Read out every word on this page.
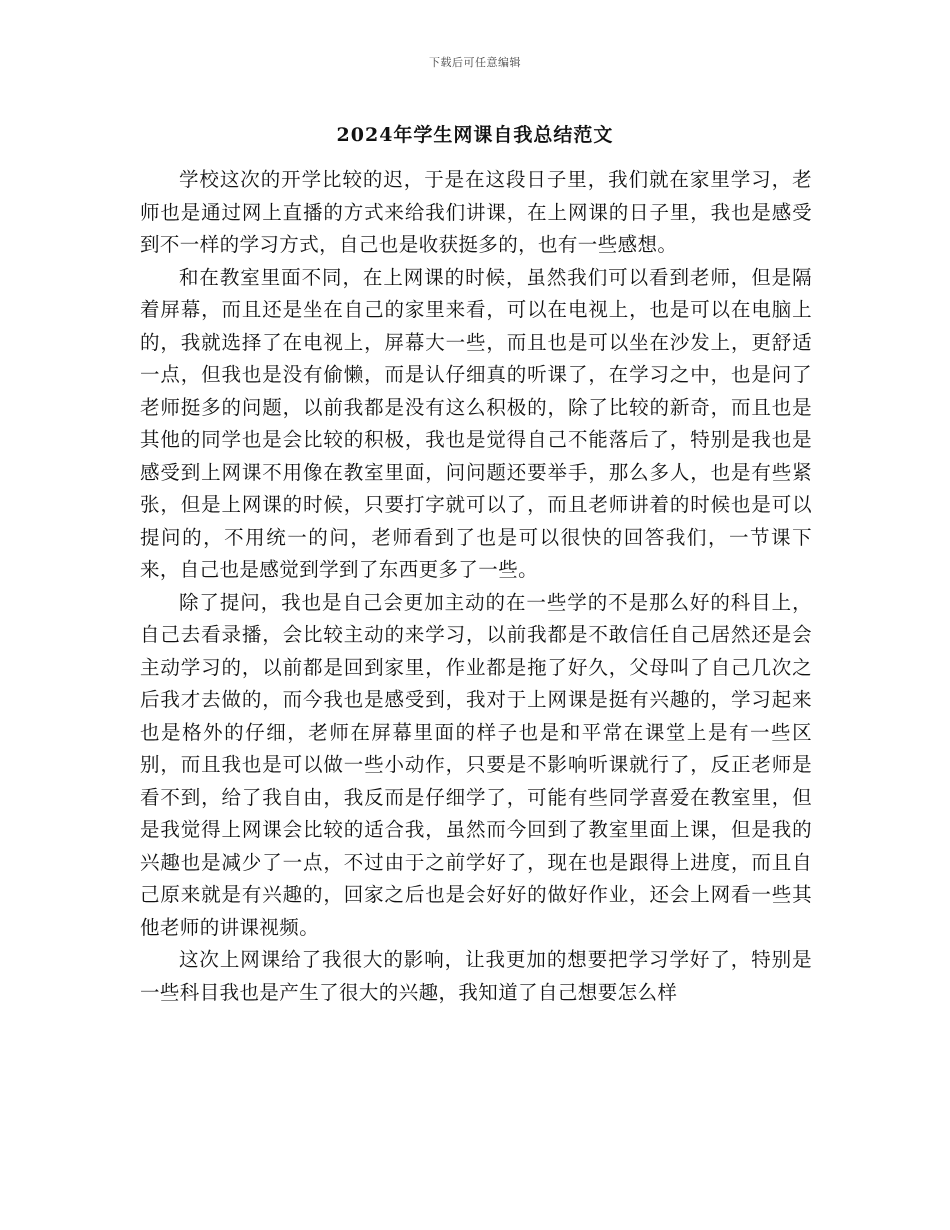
下载后可任意编辑
2024年学生网课自我总结范文

学校这次的开学比较的迟，于是在这段日子里，我们就在家里学习，老师也是通过网上直播的方式来给我们讲课，在上网课的日子里，我也是感受到不一样的学习方式，自己也是收获挺多的，也有一些感想。

和在教室里面不同，在上网课的时候，虽然我们可以看到老师，但是隔着屏幕，而且还是坐在自己的家里来看，可以在电视上，也是可以在电脑上的，我就选择了在电视上，屏幕大一些，而且也是可以坐在沙发上，更舒适一点，但我也是没有偷懒，而是认仔细真的听课了，在学习之中，也是问了老师挺多的问题，以前我都是没有这么积极的，除了比较的新奇，而且也是其他的同学也是会比较的积极，我也是觉得自己不能落后了，特别是我也是感受到上网课不用像在教室里面，问问题还要举手，那么多人，也是有些紧张，但是上网课的时候，只要打字就可以了，而且老师讲着的时候也是可以提问的，不用统一的问，老师看到了也是可以很快的回答我们，一节课下来，自己也是感觉到学到了东西更多了一些。

除了提问，我也是自己会更加主动的在一些学的不是那么好的科目上，自己去看录播，会比较主动的来学习，以前我都是不敢信任自己居然还是会主动学习的，以前都是回到家里，作业都是拖了好久，父母叫了自己几次之后我才去做的，而今我也是感受到，我对于上网课是挺有兴趣的，学习起来也是格外的仔细，老师在屏幕里面的样子也是和平常在课堂上是有一些区别，而且我也是可以做一些小动作，只要是不影响听课就行了，反正老师是看不到，给了我自由，我反而是仔细学了，可能有些同学喜爱在教室里，但是我觉得上网课会比较的适合我，虽然而今回到了教室里面上课，但是我的兴趣也是减少了一点，不过由于之前学好了，现在也是跟得上进度，而且自己原来就是有兴趣的，回家之后也是会好好的做好作业，还会上网看一些其他老师的讲课视频。

这次上网课给了我很大的影响，让我更加的想要把学习学好了，特别是一些科目我也是产生了很大的兴趣，我知道了自己想要怎么样
